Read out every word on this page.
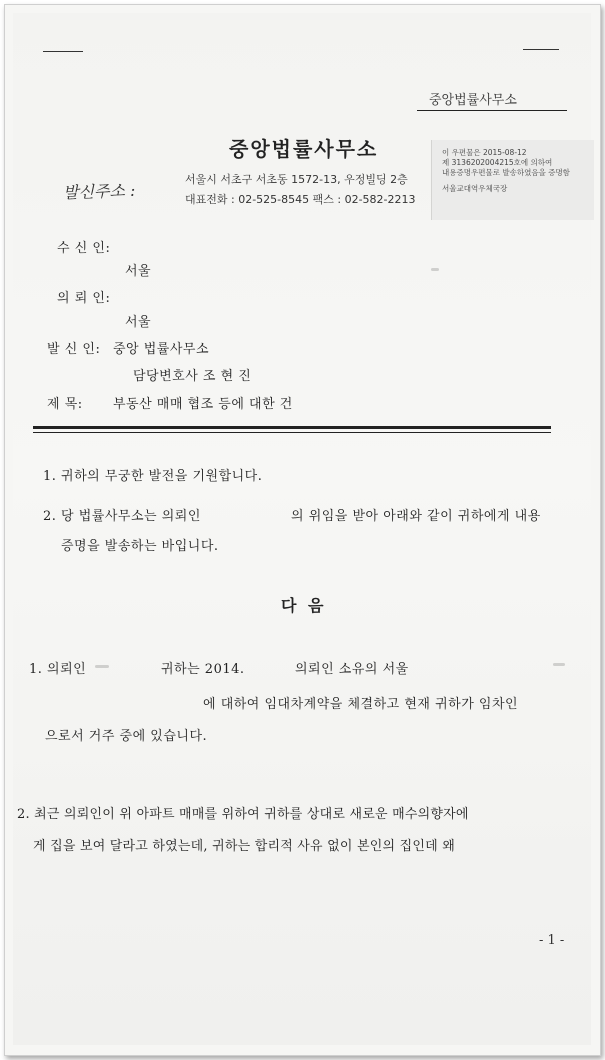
중앙법률사무소
중앙법률사무소	이 우편물은 2015-08-12
제 3136202004215호에 의하여
내용증명우편물로 발송하였음을 증명함
서울교대역우체국장
발신주소 :
서울시 서초구 서초동 1572-13, 우정빌딩 2층
대표전화 : 02-525-8545 팩스 : 02-582-2213
수 신 인:
서울
의 뢰 인:
서울
발 신 인: 중앙 법률사무소
담당변호사 조 현 진
제 목: 부동산 매매 협조 등에 대한 건
1. 귀하의 무궁한 발전을 기원합니다.
2. 당 법률사무소는 의뢰인	의 위임을 받아 아래와 같이 귀하에게 내용
증명을 발송하는 바입니다.
다 음
1. 의뢰인	귀하는 2014.	의뢰인 소유의 서울
에 대하여 임대차계약을 체결하고 현재 귀하가 임차인
으로서 거주 중에 있습니다.
2. 최근 의뢰인이 위 아파트 매매를 위하여 귀하를 상대로 새로운 매수의향자에
게 집을 보여 달라고 하였는데, 귀하는 합리적 사유 없이 본인의 집인데 왜
- 1 -
